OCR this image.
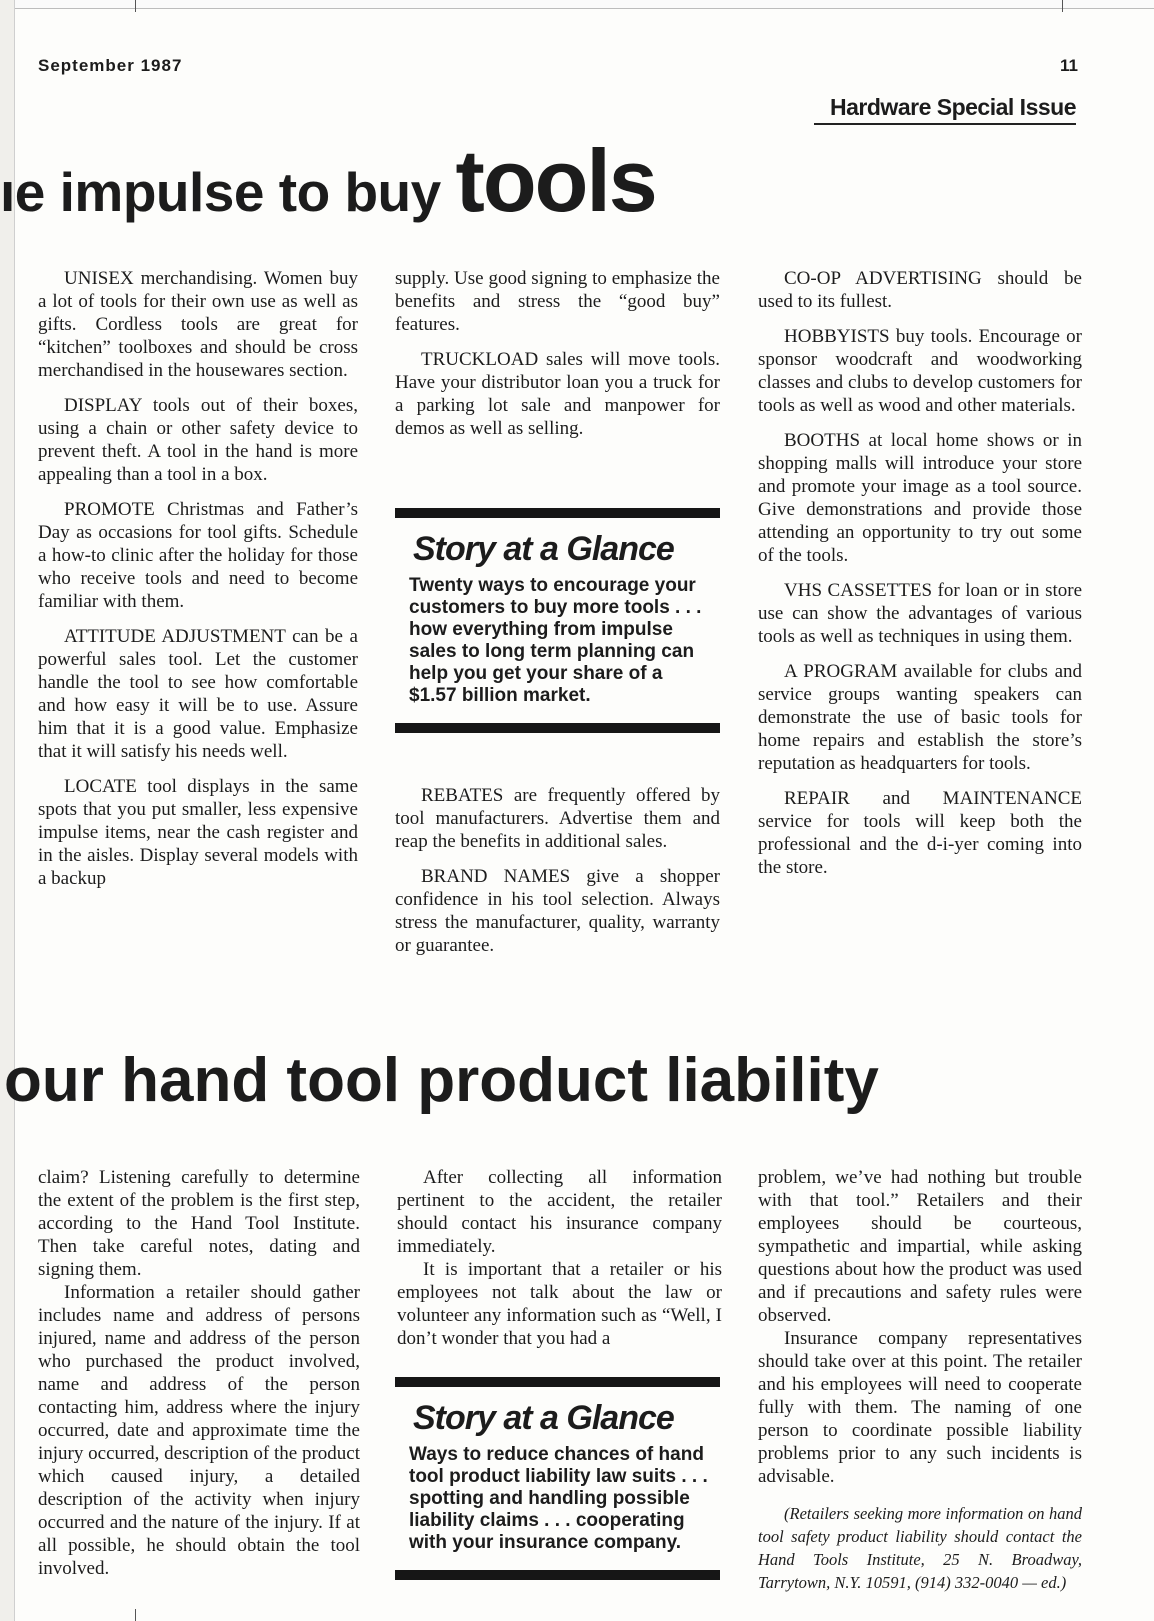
September 1987	11
Hardware Special Issue
ıe impulse to buy tools

UNISEX merchandising. Women buy a lot of tools for their own use as well as gifts. Cordless tools are great for “kitchen” toolboxes and should be cross merchandised in the housewares section.

DISPLAY tools out of their boxes, using a chain or other safety device to prevent theft. A tool in the hand is more appealing than a tool in a box.

PROMOTE Christmas and Father’s Day as occasions for tool gifts. Schedule a how-to clinic after the holiday for those who receive tools and need to become familiar with them.

ATTITUDE ADJUSTMENT can be a powerful sales tool. Let the customer handle the tool to see how comfortable and how easy it will be to use. Assure him that it is a good value. Emphasize that it will satisfy his needs well.

LOCATE tool displays in the same spots that you put smaller, less expensive impulse items, near the cash register and in the aisles. Display several models with a backup

supply. Use good signing to emphasize the benefits and stress the “good buy” features.

TRUCKLOAD sales will move tools. Have your distributor loan you a truck for a parking lot sale and manpower for demos as well as selling.

Story at a Glance
Twenty ways to encourage your customers to buy more tools . . . how everything from impulse sales to long term planning can help you get your share of a $1.57 billion market.

REBATES are frequently offered by tool manufacturers. Advertise them and reap the benefits in additional sales.

BRAND NAMES give a shopper confidence in his tool selection. Always stress the manufacturer, quality, warranty or guarantee.

CO-OP ADVERTISING should be used to its fullest.

HOBBYISTS buy tools. Encourage or sponsor woodcraft and woodworking classes and clubs to develop customers for tools as well as wood and other materials.

BOOTHS at local home shows or in shopping malls will introduce your store and promote your image as a tool source. Give demonstrations and provide those attending an opportunity to try out some of the tools.

VHS CASSETTES for loan or in store use can show the advantages of various tools as well as techniques in using them.

A PROGRAM available for clubs and service groups wanting speakers can demonstrate the use of basic tools for home repairs and establish the store’s reputation as headquarters for tools.

REPAIR and MAINTENANCE service for tools will keep both the professional and the d-i-yer coming into the store.

our hand tool product liability

claim? Listening carefully to determine the extent of the problem is the first step, according to the Hand Tool Institute. Then take careful notes, dating and signing them.

Information a retailer should gather includes name and address of persons injured, name and address of the person who purchased the product involved, name and address of the person contacting him, address where the injury occurred, date and approximate time the injury occurred, description of the product which caused injury, a detailed description of the activity when injury occurred and the nature of the injury. If at all possible, he should obtain the tool involved.

After collecting all information pertinent to the accident, the retailer should contact his insurance company immediately.

It is important that a retailer or his employees not talk about the law or volunteer any information such as “Well, I don’t wonder that you had a

Story at a Glance
Ways to reduce chances of hand tool product liability law suits . . . spotting and handling possible liability claims . . . cooperating with your insurance company.

problem, we’ve had nothing but trouble with that tool.” Retailers and their employees should be courteous, sympathetic and impartial, while asking questions about how the product was used and if precautions and safety rules were observed.

Insurance company representatives should take over at this point. The retailer and his employees will need to cooperate fully with them. The naming of one person to coordinate possible liability problems prior to any such incidents is advisable.

(Retailers seeking more information on hand tool safety product liability should contact the Hand Tools Institute, 25 N. Broadway, Tarrytown, N.Y. 10591, (914) 332-0040 — ed.)
